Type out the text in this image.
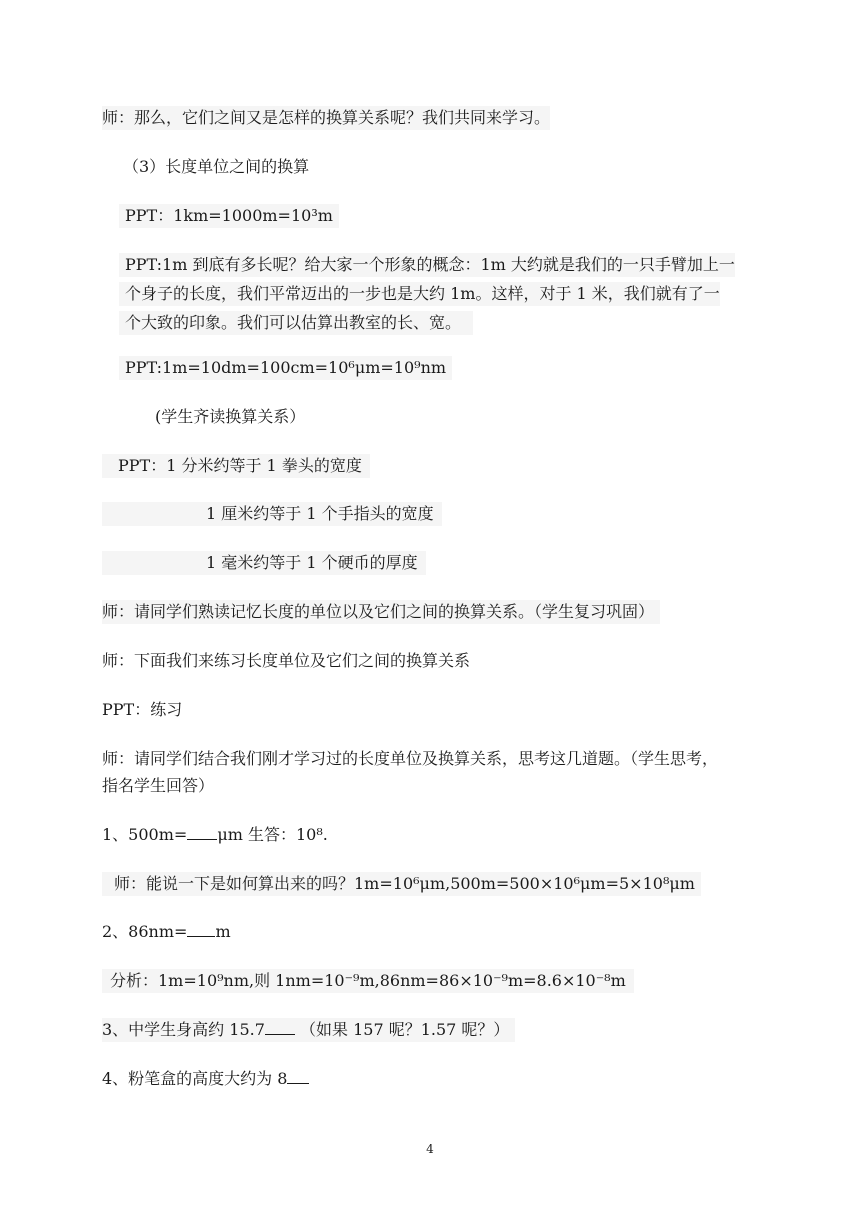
师：那么，它们之间又是怎样的换算关系呢？我们共同来学习。
（3）长度单位之间的换算
PPT：1km=1000m=10³m
PPT:1m 到底有多长呢？给大家一个形象的概念：1m 大约就是我们的一只手臂加上一
个身子的长度，我们平常迈出的一步也是大约 1m。这样，对于 1 米，我们就有了一
个大致的印象。我们可以估算出教室的长、宽。
PPT:1m=10dm=100cm=10⁶μm=10⁹nm
(学生齐读换算关系）
PPT：1 分米约等于 1 拳头的宽度
1 厘米约等于 1 个手指头的宽度
1 毫米约等于 1 个硬币的厚度
师：请同学们熟读记忆长度的单位以及它们之间的换算关系。（学生复习巩固）
师：下面我们来练习长度单位及它们之间的换算关系
PPT：练习
师：请同学们结合我们刚才学习过的长度单位及换算关系，思考这几道题。（学生思考，
指名学生回答）
1、500m= μm 生答：10⁸.
师：能说一下是如何算出来的吗？1m=10⁶μm,500m=500×10⁶μm=5×10⁸μm
2、86nm= m
分析：1m=10⁹nm,则 1nm=10⁻⁹m,86nm=86×10⁻⁹m=8.6×10⁻⁸m
3、中学生身高约 15.7 （如果 157 呢？1.57 呢？）
4、粉笔盒的高度大约为 8
4
